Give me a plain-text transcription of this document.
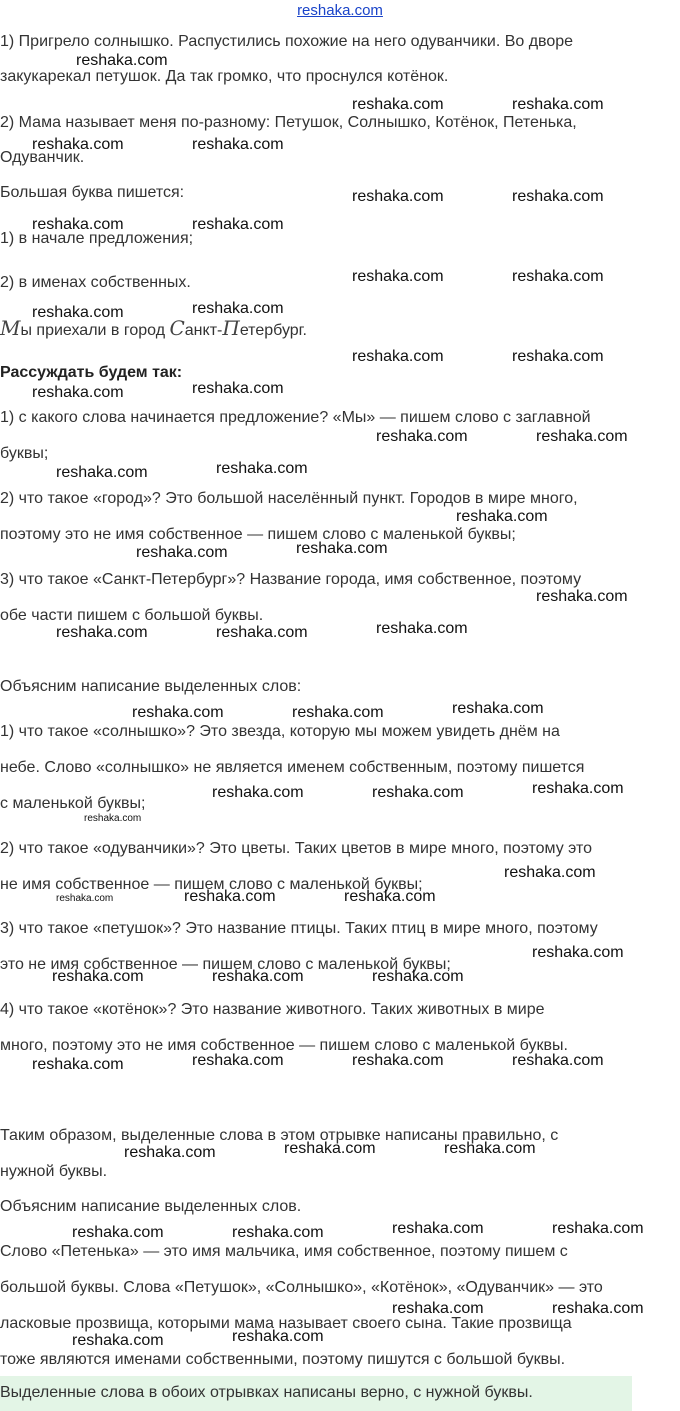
reshaka.com
1) Пригрело солнышко. Распустились похожие на него одуванчики. Во дворе
закукарекал петушок. Да так громко, что проснулся котёнок.
2) Мама называет меня по-разному: Петушок, Солнышко, Котёнок, Петенька,
Одуванчик.
Большая буква пишется:
1) в начале предложения;
2) в именах собственных.
Мы приехали в город Санкт-Петербург.
Рассуждать будем так:
1) с какого слова начинается предложение? «Мы» — пишем слово с заглавной
буквы;
2) что такое «город»? Это большой населённый пункт. Городов в мире много,
поэтому это не имя собственное — пишем слово с маленькой буквы;
3) что такое «Санкт-Петербург»? Название города, имя собственное, поэтому
обе части пишем с большой буквы.
Объясним написание выделенных слов:
1) что такое «солнышко»? Это звезда, которую мы можем увидеть днём на
небе. Слово «солнышко» не является именем собственным, поэтому пишется
с маленькой буквы;
2) что такое «одуванчики»? Это цветы. Таких цветов в мире много, поэтому это
не имя собственное — пишем слово с маленькой буквы;
3) что такое «петушок»? Это название птицы. Таких птиц в мире много, поэтому
это не имя собственное — пишем слово с маленькой буквы;
4) что такое «котёнок»? Это название животного. Таких животных в мире
много, поэтому это не имя собственное — пишем слово с маленькой буквы.
Таким образом, выделенные слова в этом отрывке написаны правильно, с
нужной буквы.
Объясним написание выделенных слов.
Слово «Петенька» — это имя мальчика, имя собственное, поэтому пишем с
большой буквы. Слова «Петушок», «Солнышко», «Котёнок», «Одуванчик» — это
ласковые прозвища, которыми мама называет своего сына. Такие прозвища
тоже являются именами собственными, поэтому пишутся с большой буквы.
Выделенные слова в обоих отрывках написаны верно, с нужной буквы.
reshaka.com
reshaka.com	reshaka.com
reshaka.com	reshaka.com
reshaka.com	reshaka.com
reshaka.com	reshaka.com
reshaka.com	reshaka.com
reshaka.com
reshaka.com
reshaka.com	reshaka.com
reshaka.com
reshaka.com
reshaka.com	reshaka.com
reshaka.com
reshaka.com
reshaka.com
reshaka.com
reshaka.com
reshaka.com
reshaka.com
reshaka.com	reshaka.com
reshaka.com
reshaka.com	reshaka.com
reshaka.com
reshaka.com	reshaka.com
reshaka.com
reshaka.com
reshaka.com	reshaka.com	reshaka.com
reshaka.com
reshaka.com	reshaka.com	reshaka.com
reshaka.com	reshaka.com	reshaka.com
reshaka.com
reshaka.com	reshaka.com
reshaka.com
reshaka.com	reshaka.com
reshaka.com	reshaka.com
reshaka.com	reshaka.com
reshaka.com
reshaka.com
